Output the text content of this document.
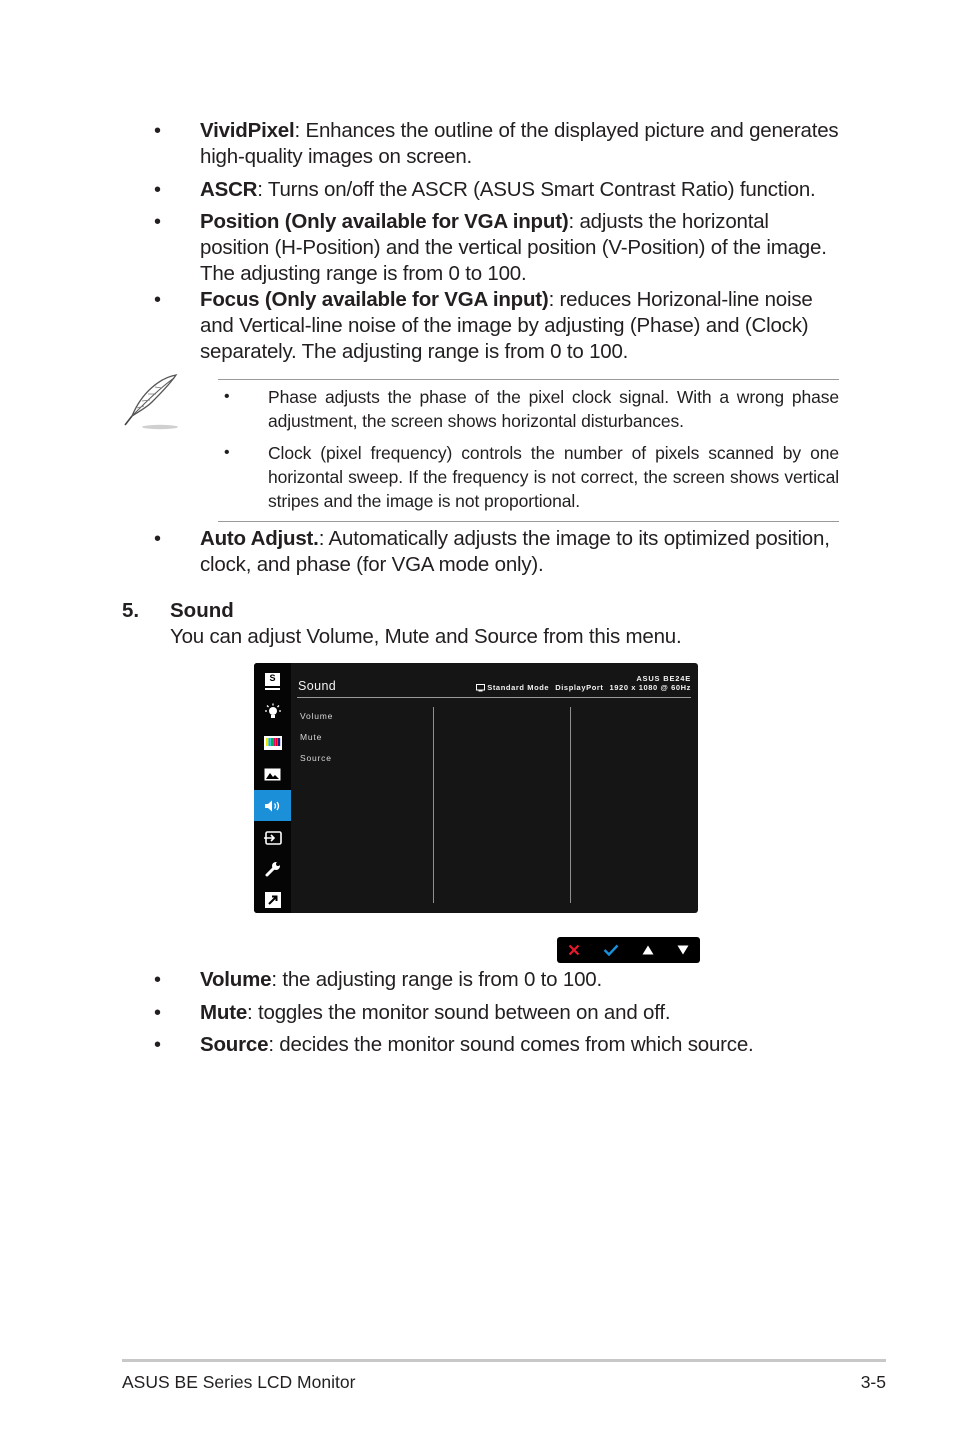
• VividPixel: Enhances the outline of the displayed picture and generates high-quality images on screen.
• ASCR: Turns on/off the ASCR (ASUS Smart Contrast Ratio) function.
• Position (Only available for VGA input): adjusts the horizontal position (H-Position) and the vertical position (V-Position) of the image. The adjusting range is from 0 to 100.
• Focus (Only available for VGA input): reduces Horizonal-line noise and Vertical-line noise of the image by adjusting (Phase) and (Clock) separately. The adjusting range is from 0 to 100.
• Phase adjusts the phase of the pixel clock signal. With a wrong phase adjustment, the screen shows horizontal disturbances.
• Clock (pixel frequency) controls the number of pixels scanned by one horizontal sweep. If the frequency is not correct, the screen shows vertical stripes and the image is not proportional.
• Auto Adjust.: Automatically adjusts the image to its optimized position, clock, and phase (for VGA mode only).
5. Sound
You can adjust Volume, Mute and Source from this menu.
S
Sound
ASUS BE24E
Standard Mode DisplayPort 1920 x 1080 @ 60Hz
Volume
Mute
Source
• Volume: the adjusting range is from 0 to 100.
• Mute: toggles the monitor sound between on and off.
• Source: decides the monitor sound comes from which source.
ASUS BE Series LCD Monitor	3-5
